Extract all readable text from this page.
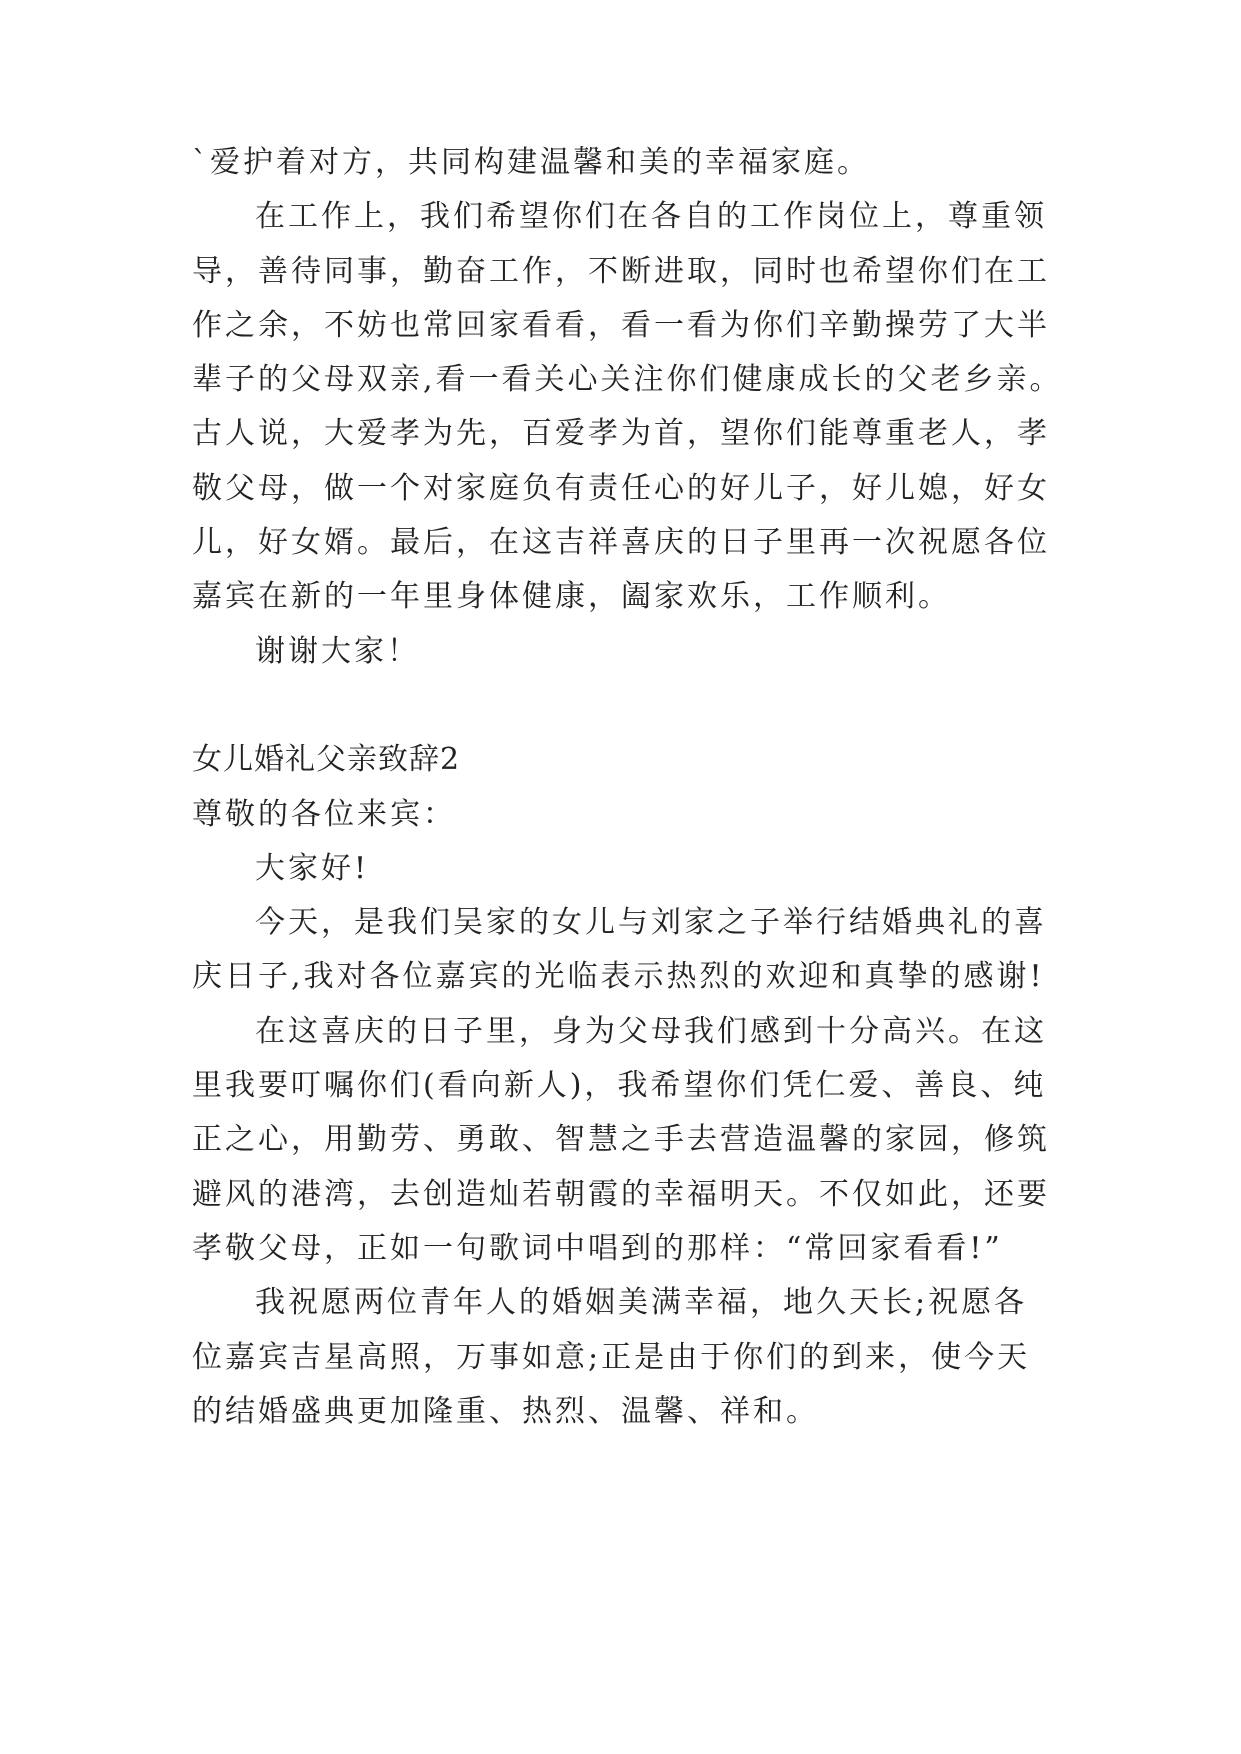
`爱护着对方，共同构建温馨和美的幸福家庭。
在工作上，我们希望你们在各自的工作岗位上，尊重领
导，善待同事，勤奋工作，不断进取，同时也希望你们在工
作之余，不妨也常回家看看，看一看为你们辛勤操劳了大半
辈子的父母双亲,看一看关心关注你们健康成长的父老乡亲。
古人说，大爱孝为先，百爱孝为首，望你们能尊重老人，孝
敬父母，做一个对家庭负有责任心的好儿子，好儿媳，好女
儿，好女婿。最后，在这吉祥喜庆的日子里再一次祝愿各位
嘉宾在新的一年里身体健康，阖家欢乐，工作顺利。
谢谢大家！
女儿婚礼父亲致辞2
尊敬的各位来宾：
大家好!
今天，是我们吴家的女儿与刘家之子举行结婚典礼的喜
庆日子,我对各位嘉宾的光临表示热烈的欢迎和真挚的感谢!
在这喜庆的日子里，身为父母我们感到十分高兴。在这
里我要叮嘱你们(看向新人)，我希望你们凭仁爱、善良、纯
正之心，用勤劳、勇敢、智慧之手去营造温馨的家园，修筑
避风的港湾，去创造灿若朝霞的幸福明天。不仅如此，还要
孝敬父母，正如一句歌词中唱到的那样：“常回家看看!”
我祝愿两位青年人的婚姻美满幸福，地久天长;祝愿各
位嘉宾吉星高照，万事如意;正是由于你们的到来，使今天
的结婚盛典更加隆重、热烈、温馨、祥和。
